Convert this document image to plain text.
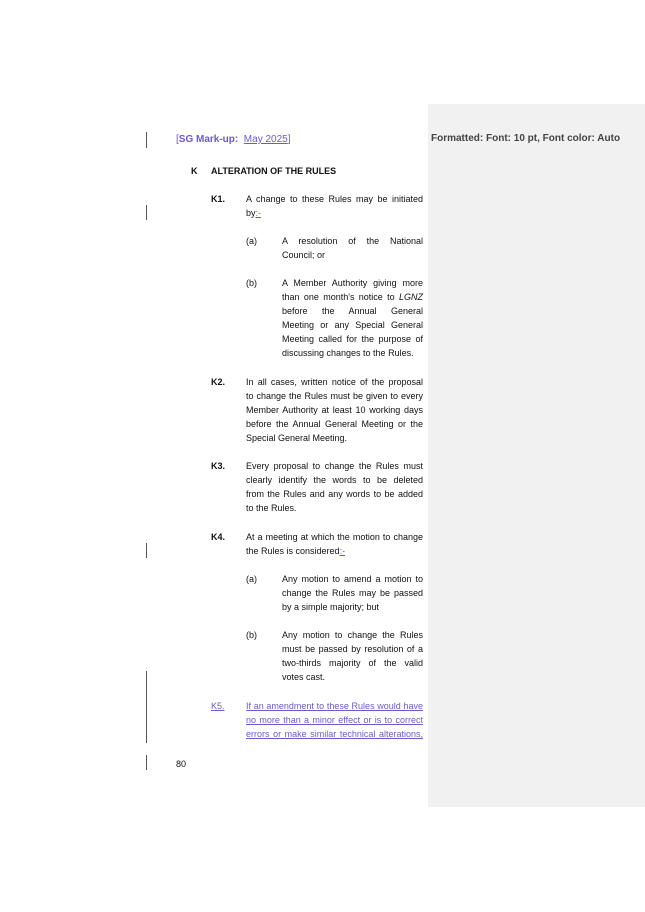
Formatted: Font: 10 pt, Font color: Auto
[SG Mark-up: May 2025]
K ALTERATION OF THE RULES
K1. A change to these Rules may be initiated
by:-
(a)	A resolution of the National
Council; or
(b)	A Member Authority giving more
than one month's notice to LGNZ
before the Annual General
Meeting or any Special General
Meeting called for the purpose of
discussing changes to the Rules.
K2. In all cases, written notice of the proposal
to change the Rules must be given to every
Member Authority at least 10 working days
before the Annual General Meeting or the
Special General Meeting.
K3. Every proposal to change the Rules must
clearly identify the words to be deleted
from the Rules and any words to be added
to the Rules.
K4. At a meeting at which the motion to change
the Rules is considered:-
(a)	Any motion to amend a motion to
change the Rules may be passed
by a simple majority; but
(b)	Any motion to change the Rules
must be passed by resolution of a
two-thirds majority of the valid
votes cast.
K5. If an amendment to these Rules would have
no more than a minor effect or is to correct
errors or make similar technical alterations,
80
